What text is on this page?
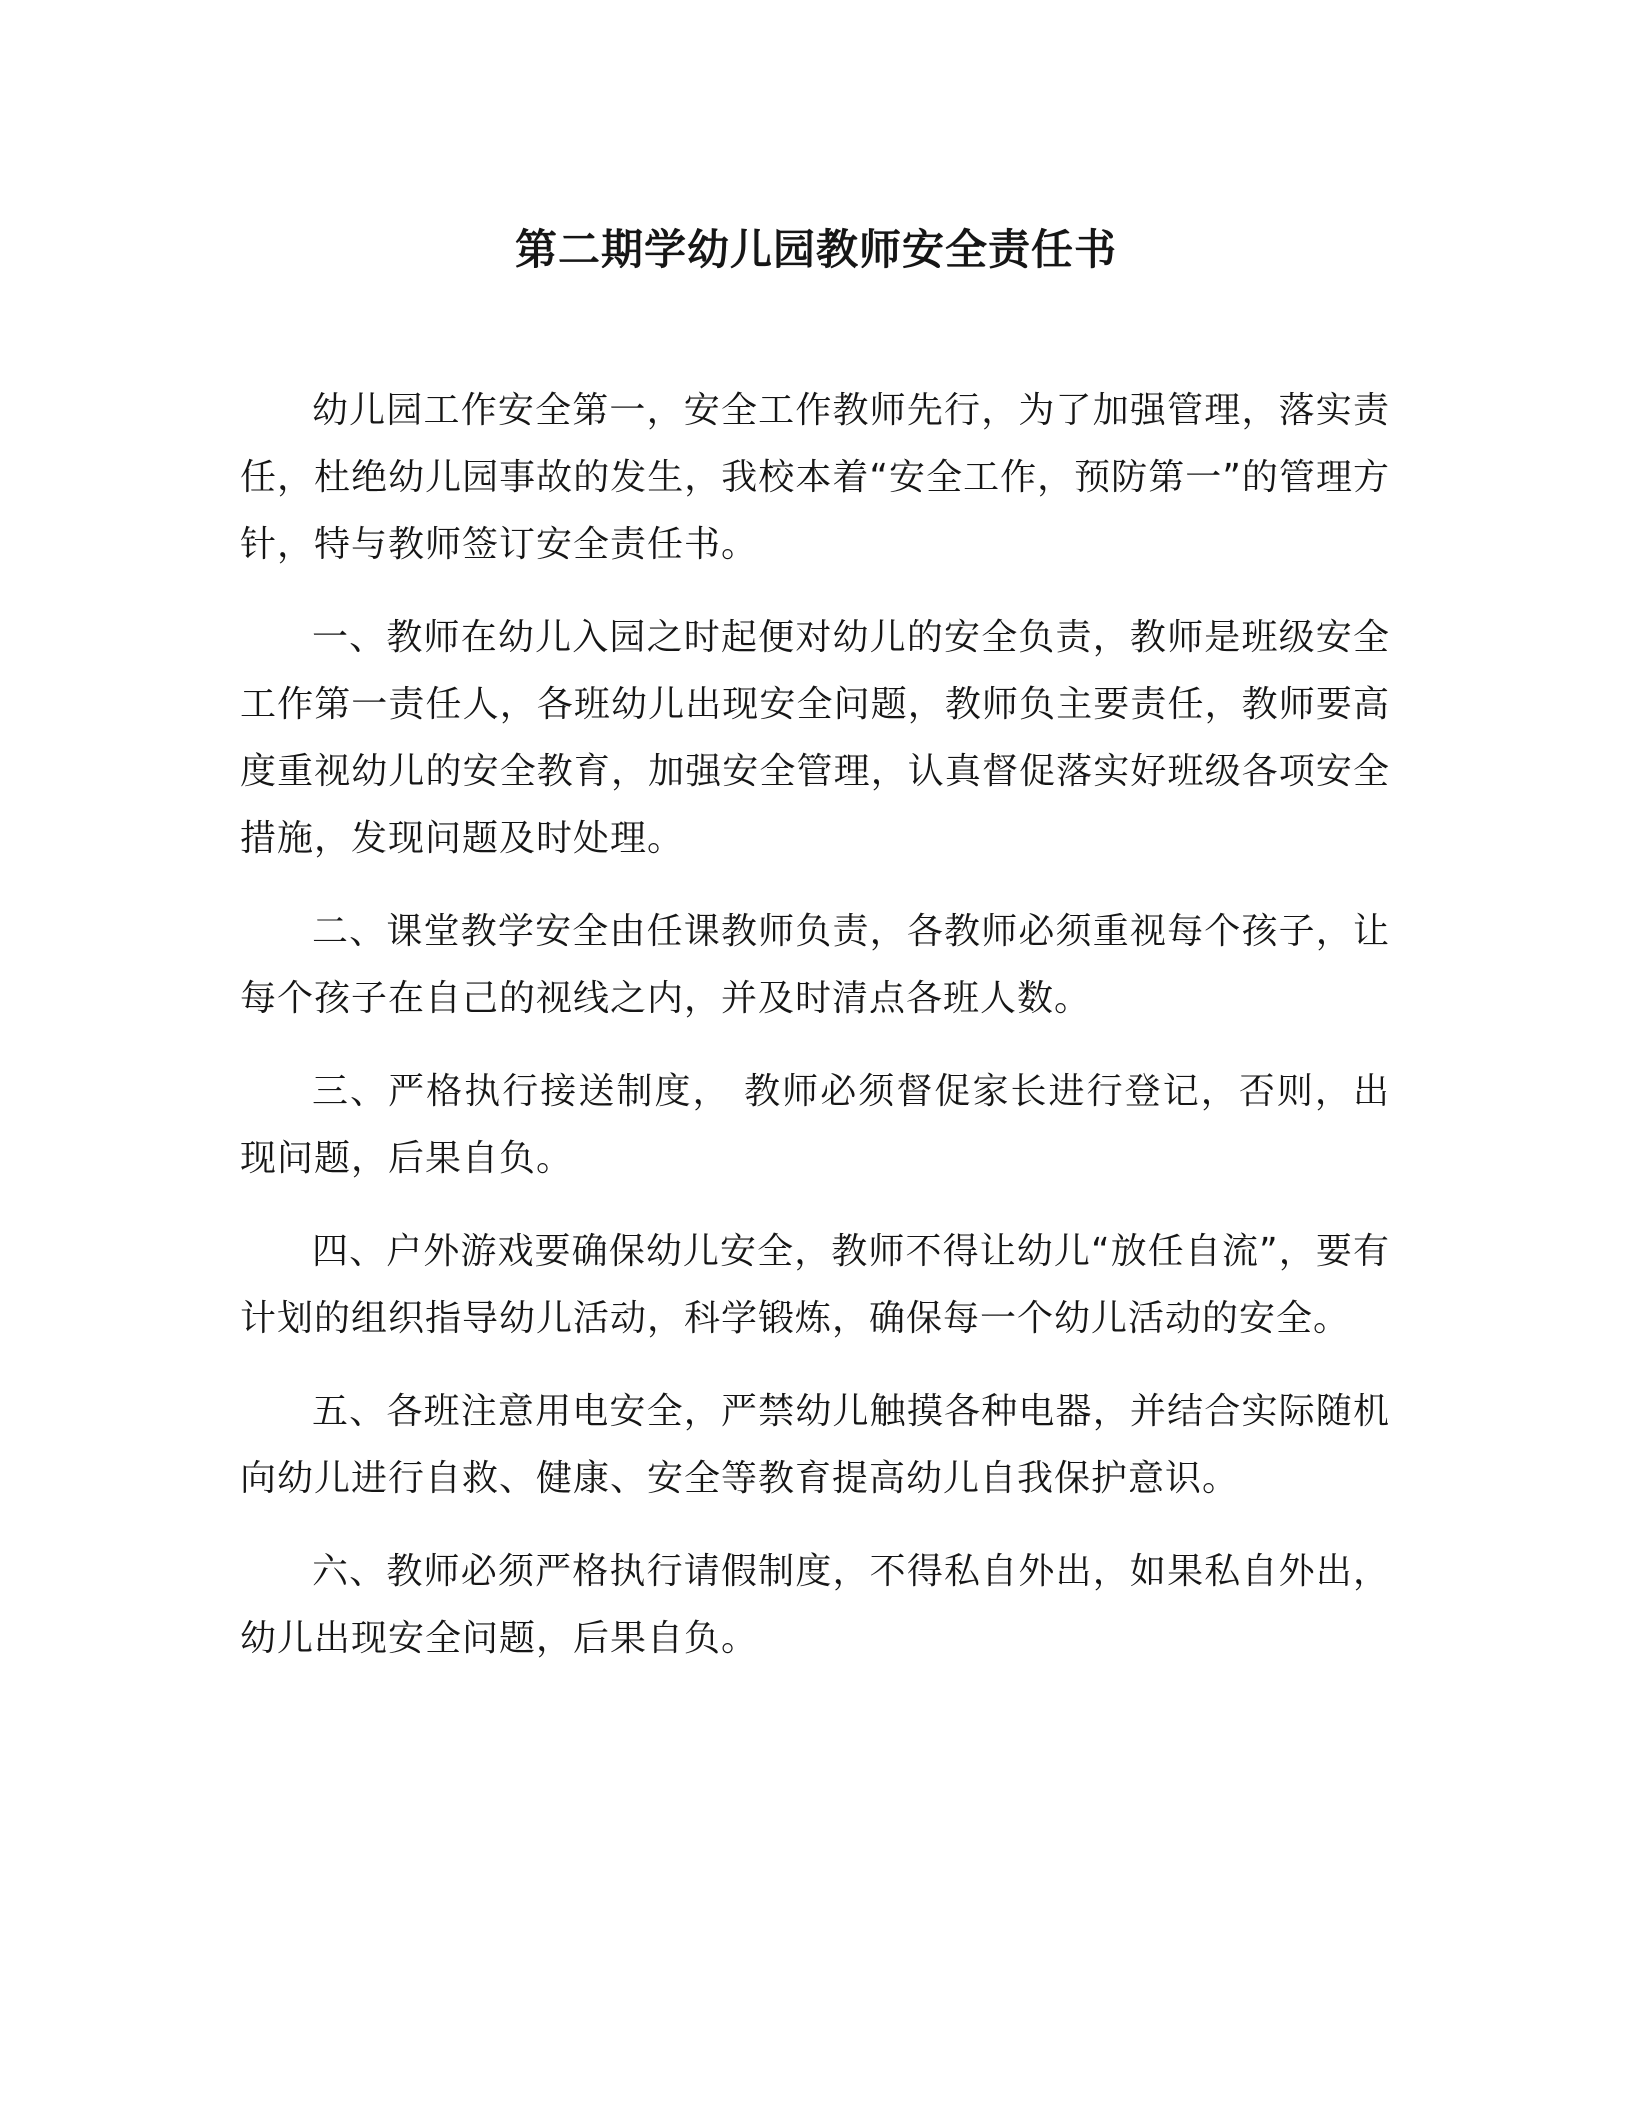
第二期学幼儿园教师安全责任书

幼儿园工作安全第一，安全工作教师先行，为了加强管理，落实责任，杜绝幼儿园事故的发生，我校本着“安全工作，预防第一”的管理方针，特与教师签订安全责任书。

一、教师在幼儿入园之时起便对幼儿的安全负责，教师是班级安全工作第一责任人，各班幼儿出现安全问题，教师负主要责任，教师要高度重视幼儿的安全教育，加强安全管理，认真督促落实好班级各项安全措施，发现问题及时处理。

二、课堂教学安全由任课教师负责，各教师必须重视每个孩子，让每个孩子在自己的视线之内，并及时清点各班人数。

三、严格执行接送制度， 教师必须督促家长进行登记，否则，出现问题，后果自负。

四、户外游戏要确保幼儿安全，教师不得让幼儿“放任自流”，要有计划的组织指导幼儿活动，科学锻炼，确保每一个幼儿活动的安全。

五、各班注意用电安全，严禁幼儿触摸各种电器，并结合实际随机向幼儿进行自救、健康、安全等教育提高幼儿自我保护意识。

六、教师必须严格执行请假制度，不得私自外出，如果私自外出，幼儿出现安全问题，后果自负。
